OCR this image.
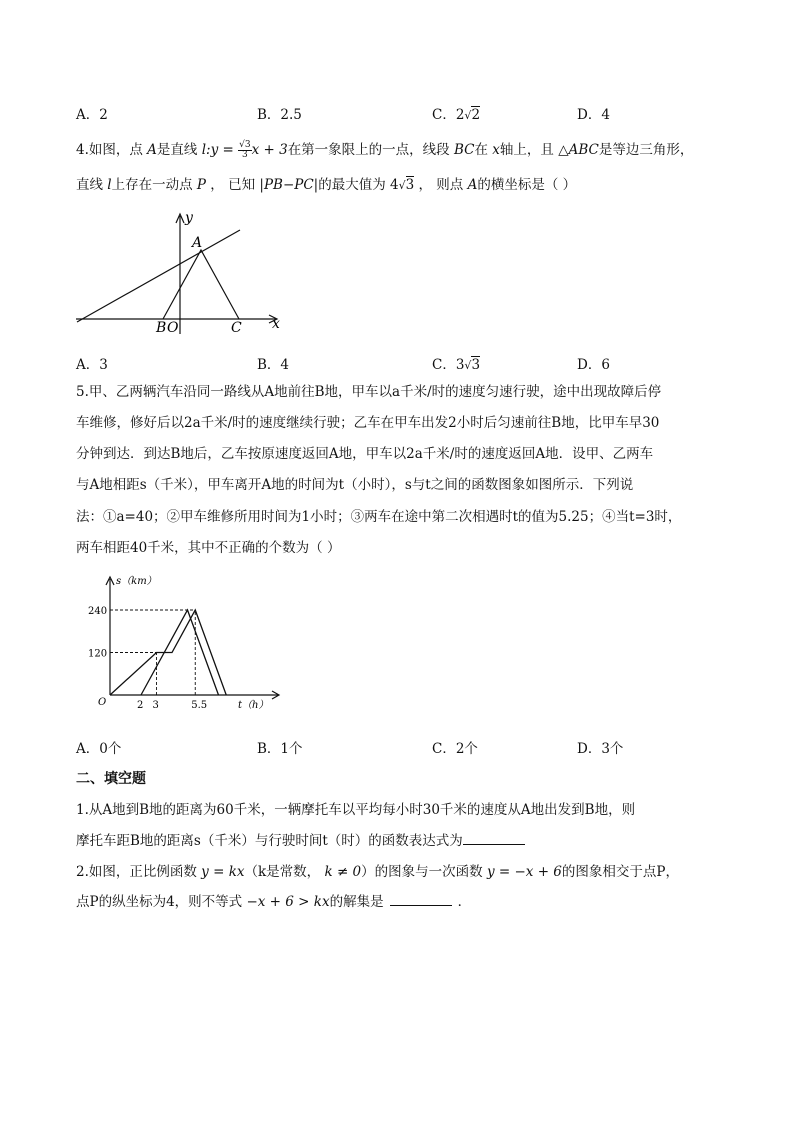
A．2	B．2.5	C．2√2	D．4
4.如图，点 A是直线 l:y = $\frac{√3}{3}$ x + 3在第一象限上的一点，线段 BC在 x轴上，且 △ABC是等边三角形，
直线 l上存在一动点 P ， 已知 |PB−PC|的最大值为 4√3 ， 则点 A的横坐标是（ ）
y
x
A
B O	C
A．3	B．4	C．3√3	D．6
5.甲、乙两辆汽车沿同一路线从A地前往B地，甲车以a千米/时的速度匀速行驶，途中出现故障后停
车维修，修好后以2a千米/时的速度继续行驶；乙车在甲车出发2小时后匀速前往B地，比甲车早30
分钟到达．到达B地后，乙车按原速度返回A地，甲车以2a千米/时的速度返回A地．设甲、乙两车
与A地相距s（千米），甲车离开A地的时间为t（小时），s与t之间的函数图象如图所示．下列说
法：①a=40；②甲车维修所用时间为1小时；③两车在途中第二次相遇时t的值为5.25；④当t=3时，
两车相距40千米，其中不正确的个数为（ ）
120
240
2 3	5.5
s（km）
t（h）
O
A．0个	B．1个	C．2个	D．3个
二、填空题
1.从A地到B地的距离为60千米，一辆摩托车以平均每小时30千米的速度从A地出发到B地，则
摩托车距B地的距离s（千米）与行驶时间t（时）的函数表达式为
2.如图，正比例函数 y = kx（k是常数， k ≠ 0）的图象与一次函数 y = −x + 6的图象相交于点P，
点P的纵坐标为4，则不等式 −x + 6 > kx的解集是	．
